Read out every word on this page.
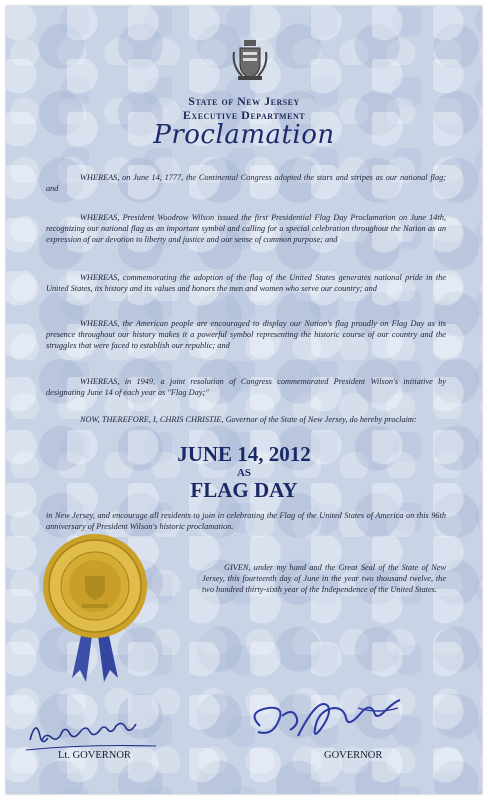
State of New Jersey
Executive Department
Proclamation

WHEREAS, on June 14, 1777, the Continental Congress adopted the stars and stripes as our national flag; and

WHEREAS, President Woodrow Wilson issued the first Presidential Flag Day Proclamation on June 14th, recognizing our national flag as an important symbol and calling for a special celebration throughout the Nation as an expression of our devotion to liberty and justice and our sense of common purpose; and

WHEREAS, commemorating the adoption of the flag of the United States generates national pride in the United States, its history and its values and honors the men and women who serve our country; and

WHEREAS, the American people are encouraged to display our Nation's flag proudly on Flag Day as its presence throughout our history makes it a powerful symbol representing the historic course of our country and the struggles that were faced to establish our republic; and

WHEREAS, in 1949, a joint resolution of Congress commemorated President Wilson's initiative by designating June 14 of each year as "Flag Day;"

NOW, THEREFORE, I, CHRIS CHRISTIE, Governor of the State of New Jersey, do hereby proclaim:

JUNE 14, 2012
AS
FLAG DAY

in New Jersey, and encourage all residents to join in celebrating the Flag of the United States of America on this 96th anniversary of President Wilson's historic proclamation.

GIVEN, under my hand and the Great Seal of the State of New Jersey, this fourteenth day of June in the year two thousand twelve, the two hundred thirty-sixth year of the Independence of the United States.

Lt. GOVERNOR	GOVERNOR
